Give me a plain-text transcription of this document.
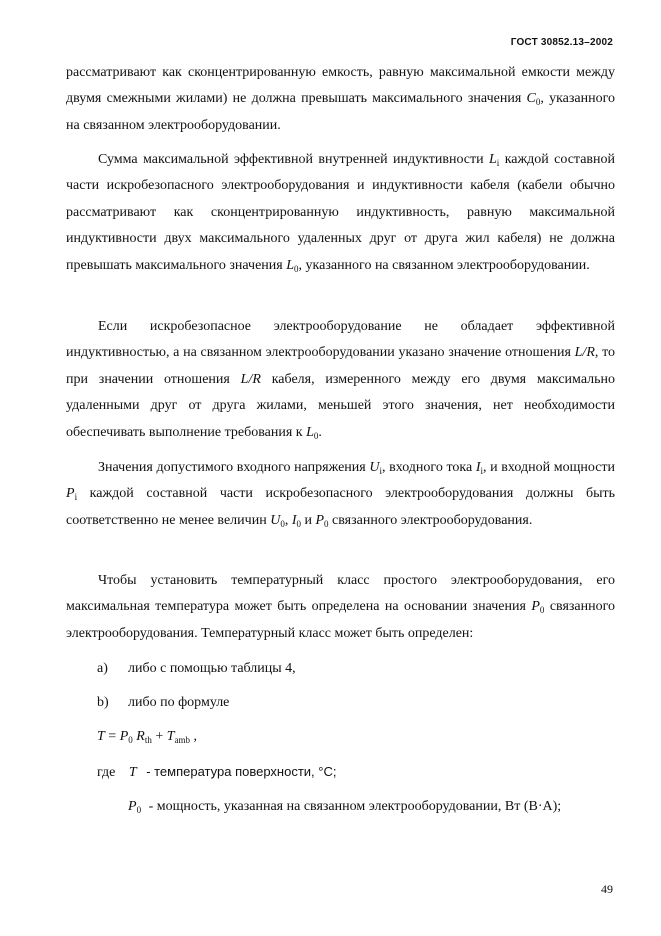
ГОСТ 30852.13–2002
рассматривают как сконцентрированную емкость, равную максимальной емкости между двумя смежными жилами) не должна превышать максимального значения $C_0$, указанного на связанном электрооборудовании.
Сумма максимальной эффективной внутренней индуктивности $L_i$ каждой составной части искробезопасного электрооборудования и индуктивности кабеля (кабели обычно рассматривают как сконцентрированную индуктивность, равную максимальной индуктивности двух максимального удаленных друг от друга жил кабеля) не должна превышать максимального значения $L_0$, указанного на связанном электрооборудовании.
Если искробезопасное электрооборудование не обладает эффективной индуктивностью, а на связанном электрооборудовании указано значение отношения L/R, то при значении отношения L/R кабеля, измеренного между его двумя максимально удаленными друг от друга жилами, меньшей этого значения, нет необходимости обеспечивать выполнение требования к $L_0$.
Значения допустимого входного напряжения $U_i$, входного тока $I_i$, и входной мощности $P_i$ каждой составной части искробезопасного электрооборудования должны быть соответственно не менее величин $U_0$, $I_0$ и $P_0$ связанного электрооборудования.
Чтобы установить температурный класс простого электрооборудования, его максимальная температура может быть определена на основании значения $P_0$ связанного электрооборудования. Температурный класс может быть определен:
a) либо с помощью таблицы 4,
b) либо по формуле
$T = P_0$ $R_{th} + T_{amb}$ ,
где T - температура поверхности, °C;
$P_0$ - мощность, указанная на связанном электрооборудовании, Вт (В·А);
49
